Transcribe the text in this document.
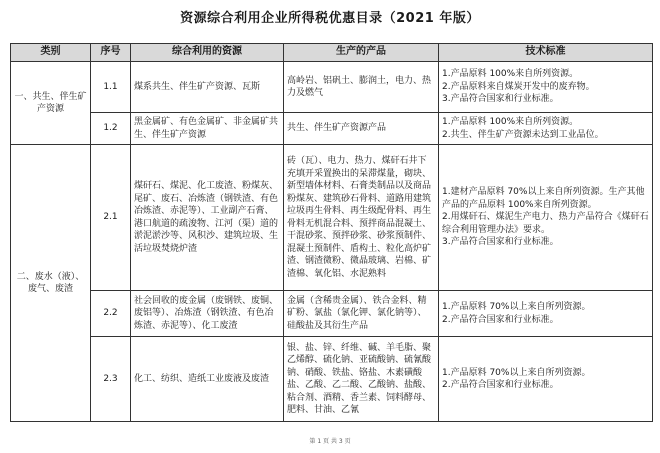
资源综合利用企业所得税优惠目录（2021 年版）
类别	序号	综合利用的资源	生产的产品	技术标准
一、共生、伴生矿产资源	1.1	煤系共生、伴生矿产资源、瓦斯	高岭岩、铝矾土、膨润土，电力、热力及燃气	1.产品原料 100%来自所列资源。
2.产品原料来自煤炭开发中的废弃物。
3.产品符合国家和行业标准。
	1.2	黑金属矿、有色金属矿、非金属矿共生、伴生矿产资源	共生、伴生矿产资源产品	1.产品原料 100%来自所列资源。
2.共生、伴生矿产资源未达到工业品位。
二、废水（液）、废气、废渣	2.1	煤矸石、煤泥、化工废渣、粉煤灰、尾矿、废石、冶炼渣（钢铁渣、有色冶炼渣、赤泥等）、工业副产石膏、港口航道的疏浚物、江河（渠）道的淤泥淤沙等、风积沙、建筑垃圾、生活垃圾焚烧炉渣	砖（瓦）、电力、热力、煤矸石井下充填开采置换出的呆滞煤量，砌块、新型墙体材料、石膏类制品以及商品粉煤灰、建筑砂石骨料、道路用建筑垃圾再生骨料、再生级配骨料、再生骨料无机混合料、预拌商品混凝土、干混砂浆、预拌砂浆、砂浆预制件、混凝土预制件、盾构土、粒化高炉矿渣、钢渣微粉、微晶玻璃、岩棉、矿渣棉、氧化铝、水泥熟料	1.建材产品原料 70%以上来自所列资源。生产其他产品的产品原料 100%来自所列资源。
2.用煤矸石、煤泥生产电力、热力产品符合《煤矸石综合利用管理办法》要求。
3.产品符合国家和行业标准。
	2.2	社会回收的废金属（废钢铁、废铜、废铝等）、冶炼渣（钢铁渣、有色冶炼渣、赤泥等）、化工废渣	金属（含稀贵金属）、铁合金料、精矿粉、氯盐（氯化钾、氯化钠等）、硅酸盐及其衍生产品	1.产品原料 70%以上来自所列资源。
2.产品符合国家和行业标准。
	2.3	化工、纺织、造纸工业废液及废渣	银、盐、锌、纤维、碱、羊毛脂、聚乙烯醇、硫化钠、亚硫酸钠、硫氰酸钠、硝酸、铁盐、铬盐、木素磺酸盐、乙酸、乙二酸、乙酸钠、盐酸、粘合剂、酒精、香兰素、饲料酵母、肥料、甘油、乙氰	1.产品原料 70%以上来自所列资源。
2.产品符合国家和行业标准。
第 1 页 共 3 页
